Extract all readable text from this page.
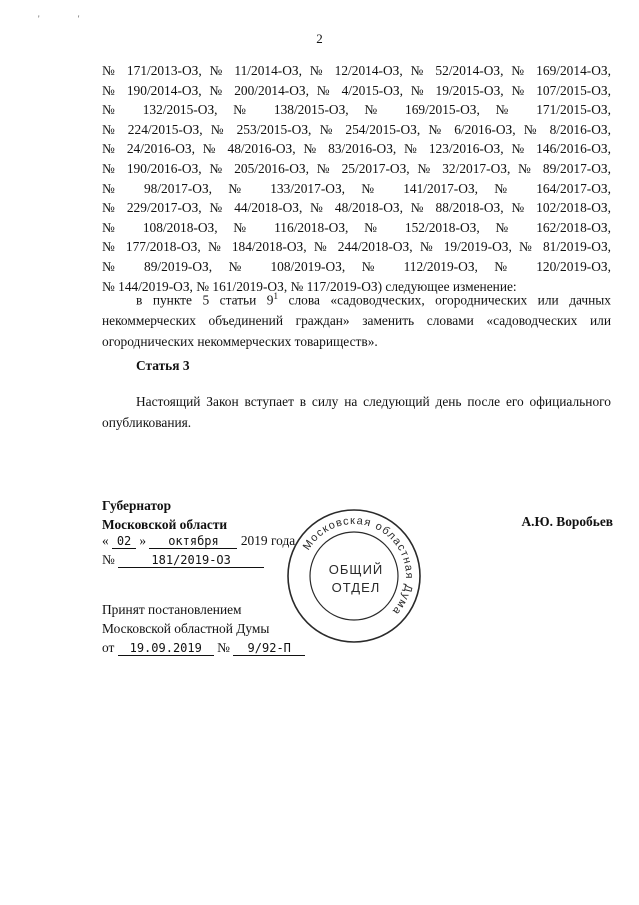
2
' '
№ 171/2013-ОЗ, № 11/2014-ОЗ, № 12/2014-ОЗ, № 52/2014-ОЗ, № 169/2014-ОЗ,
№ 190/2014-ОЗ, № 200/2014-ОЗ, № 4/2015-ОЗ, № 19/2015-ОЗ, № 107/2015-ОЗ,
№ 132/2015-ОЗ, № 138/2015-ОЗ, № 169/2015-ОЗ, № 171/2015-ОЗ,
№ 224/2015-ОЗ, № 253/2015-ОЗ, № 254/2015-ОЗ, № 6/2016-ОЗ, № 8/2016-ОЗ,
№ 24/2016-ОЗ, № 48/2016-ОЗ, № 83/2016-ОЗ, № 123/2016-ОЗ, № 146/2016-ОЗ,
№ 190/2016-ОЗ, № 205/2016-ОЗ, № 25/2017-ОЗ, № 32/2017-ОЗ, № 89/2017-ОЗ,
№ 98/2017-ОЗ, № 133/2017-ОЗ, № 141/2017-ОЗ, № 164/2017-ОЗ,
№ 229/2017-ОЗ, № 44/2018-ОЗ, № 48/2018-ОЗ, № 88/2018-ОЗ, № 102/2018-ОЗ,
№ 108/2018-ОЗ, № 116/2018-ОЗ, № 152/2018-ОЗ, № 162/2018-ОЗ,
№ 177/2018-ОЗ, № 184/2018-ОЗ, № 244/2018-ОЗ, № 19/2019-ОЗ, № 81/2019-ОЗ,
№ 89/2019-ОЗ, № 108/2019-ОЗ, № 112/2019-ОЗ, № 120/2019-ОЗ,
№ 144/2019-ОЗ, № 161/2019-ОЗ, № 117/2019-ОЗ) следующее изменение:

в пункте 5 статьи $9^1$ слова «садоводческих, огороднических или дачных некоммерческих объединений граждан» заменить словами «садоводческих или огороднических некоммерческих товариществ».

Статья 3

Настоящий Закон вступает в силу на следующий день после его официального опубликования.

Губернатор
Московской области	А.Ю. Воробьев
« 02 » октября 2019 года
№	181/2019-ОЗ
Принят постановлением
Московской областной Думы
от 19.09.2019 № 9/92-П
Московская областная Дума
ОБЩИЙ
ОТДЕЛ
